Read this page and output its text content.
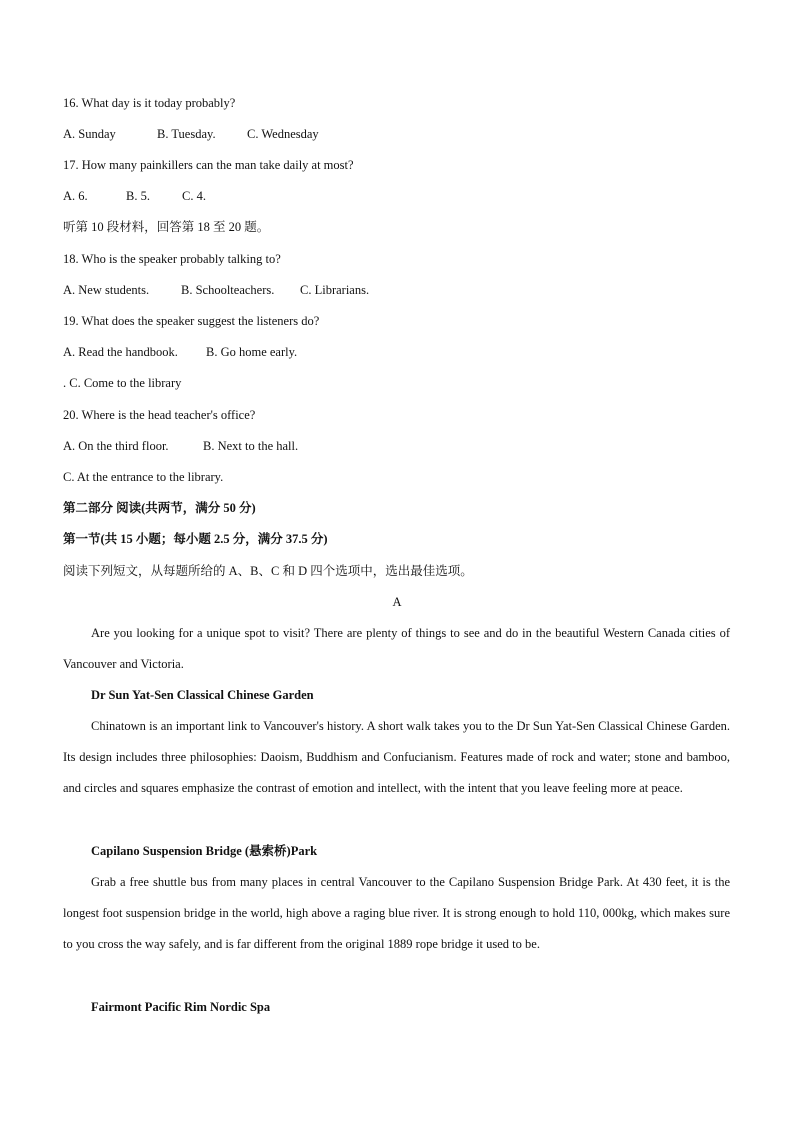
16. What day is it today probably?
A. Sunday	B. Tuesday.	C. Wednesday
17. How many painkillers can the man take daily at most?
A. 6.	B. 5.	C. 4.
听第 10 段材料，回答第 18 至 20 题。
18. Who is the speaker probably talking to?
A. New students.	B. Schoolteachers. C. Librarians.
19. What does the speaker suggest the listeners do?
A. Read the handbook. B. Go home early.
. C. Come to the library
20. Where is the head teacher's office?
A. On the third floor.	B. Next to the hall.
C. At the entrance to the library.
第二部分 阅读(共两节，满分 50 分)
第一节(共 15 小题；每小题 2.5 分，满分 37.5 分)
阅读下列短文，从每题所给的 A、B、C 和 D 四个选项中，选出最佳选项。
A
Are you looking for a unique spot to visit? There are plenty of things to see and do in the beautiful Western Canada cities of Vancouver and Victoria.
Dr Sun Yat-Sen Classical Chinese Garden
Chinatown is an important link to Vancouver's history. A short walk takes you to the Dr Sun Yat-Sen Classical Chinese Garden. Its design includes three philosophies: Daoism, Buddhism and Confucianism. Features made of rock and water; stone and bamboo, and circles and squares emphasize the contrast of emotion and intellect, with the intent that you leave feeling more at peace.
Capilano Suspension Bridge (悬索桥)Park
Grab a free shuttle bus from many places in central Vancouver to the Capilano Suspension Bridge Park. At 430 feet, it is the longest foot suspension bridge in the world, high above a raging blue river. It is strong enough to hold 110, 000kg, which makes sure to you cross the way safely, and is far different from the original 1889 rope bridge it used to be.
Fairmont Pacific Rim Nordic Spa
